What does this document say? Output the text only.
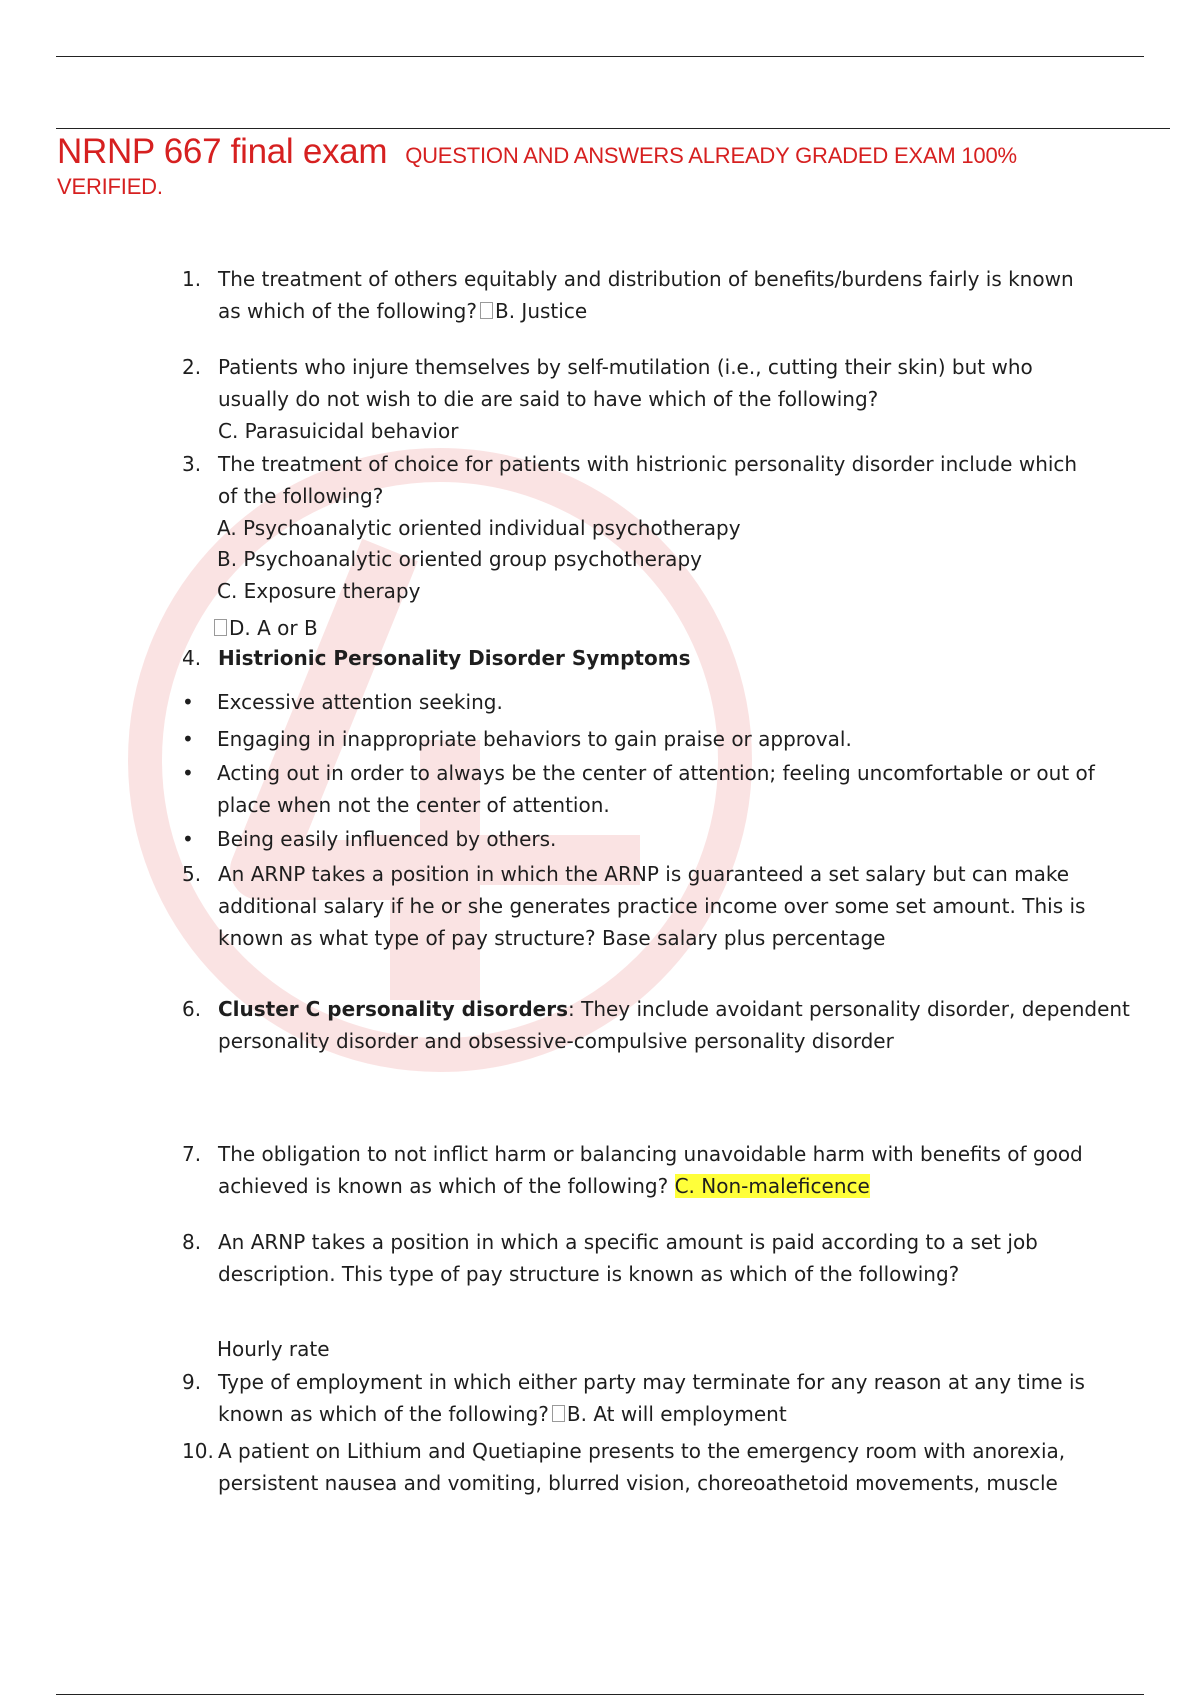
NRNP 667 final exam QUESTION AND ANSWERS ALREADY GRADED EXAM 100%
VERIFIED.
1. The treatment of others equitably and distribution of benefits/burdens fairly is known
as which of the following? B. Justice
2. Patients who injure themselves by self-mutilation (i.e., cutting their skin) but who
usually do not wish to die are said to have which of the following?
C. Parasuicidal behavior
3. The treatment of choice for patients with histrionic personality disorder include which
of the following?
A. Psychoanalytic oriented individual psychotherapy
B. Psychoanalytic oriented group psychotherapy
C. Exposure therapy
D. A or B
4. Histrionic Personality Disorder Symptoms
• Excessive attention seeking.
• Engaging in inappropriate behaviors to gain praise or approval.
• Acting out in order to always be the center of attention; feeling uncomfortable or out of
place when not the center of attention.
• Being easily influenced by others.
5. An ARNP takes a position in which the ARNP is guaranteed a set salary but can make
additional salary if he or she generates practice income over some set amount. This is
known as what type of pay structure? Base salary plus percentage
6. Cluster C personality disorders: They include avoidant personality disorder, dependent
personality disorder and obsessive-compulsive personality disorder
7. The obligation to not inflict harm or balancing unavoidable harm with benefits of good
achieved is known as which of the following? C. Non-maleficence
8. An ARNP takes a position in which a specific amount is paid according to a set job
description. This type of pay structure is known as which of the following?
Hourly rate
9. Type of employment in which either party may terminate for any reason at any time is
known as which of the following? B. At will employment
10. A patient on Lithium and Quetiapine presents to the emergency room with anorexia,
persistent nausea and vomiting, blurred vision, choreoathetoid movements, muscle
